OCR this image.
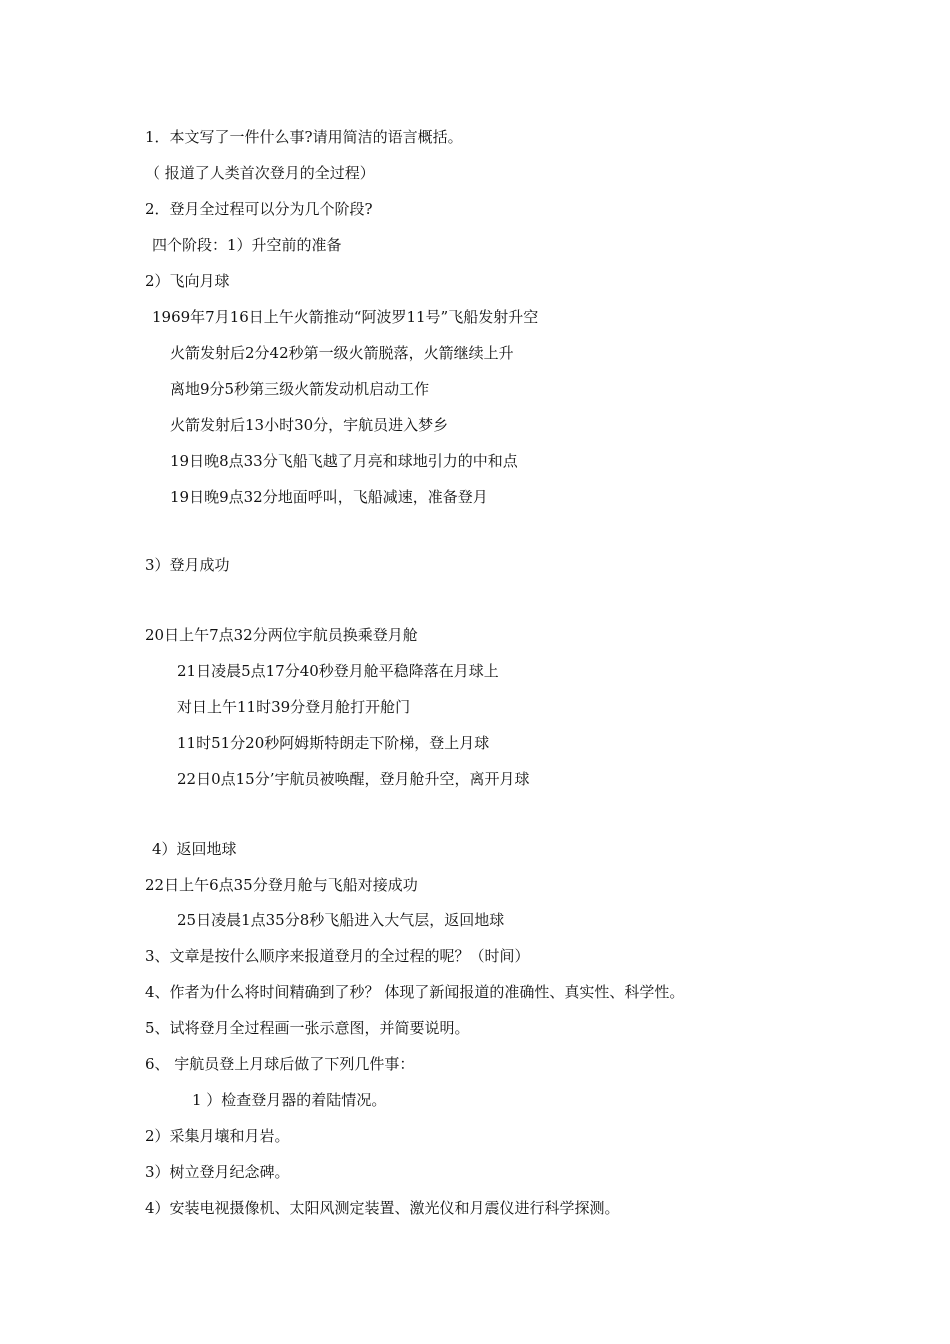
1．本文写了一件什么事?请用简洁的语言概括。
（ 报道了人类首次登月的全过程）
2．登月全过程可以分为几个阶段?
四个阶段：1）升空前的准备
2）飞向月球
1969年7月16日上午火箭推动“阿波罗11号”飞船发射升空
火箭发射后2分42秒第一级火箭脱落，火箭继续上升
离地9分5秒第三级火箭发动机启动工作
火箭发射后13小时30分，宇航员进入梦乡
19日晚8点33分飞船飞越了月亮和球地引力的中和点
19日晚9点32分地面呼叫，飞船减速，准备登月
3）登月成功
20日上午7点32分两位宇航员换乘登月舱
21日凌晨5点17分40秒登月舱平稳降落在月球上
对日上午11时39分登月舱打开舱门
11时51分20秒阿姆斯特朗走下阶梯，登上月球
22日0点15分’宇航员被唤醒，登月舱升空，离开月球
4）返回地球
22日上午6点35分登月舱与飞船对接成功
25日凌晨1点35分8秒飞船进入大气层，返回地球
3、文章是按什么顺序来报道登月的全过程的呢？（时间）
4、作者为什么将时间精确到了秒？ 体现了新闻报道的准确性、真实性、科学性。
5、试将登月全过程画一张示意图，并简要说明。
6、 宇航员登上月球后做了下列几件事：
1 ）检查登月器的着陆情况。
2）采集月壤和月岩。
3）树立登月纪念碑。
4）安装电视摄像机、太阳风测定装置、激光仪和月震仪进行科学探测。
